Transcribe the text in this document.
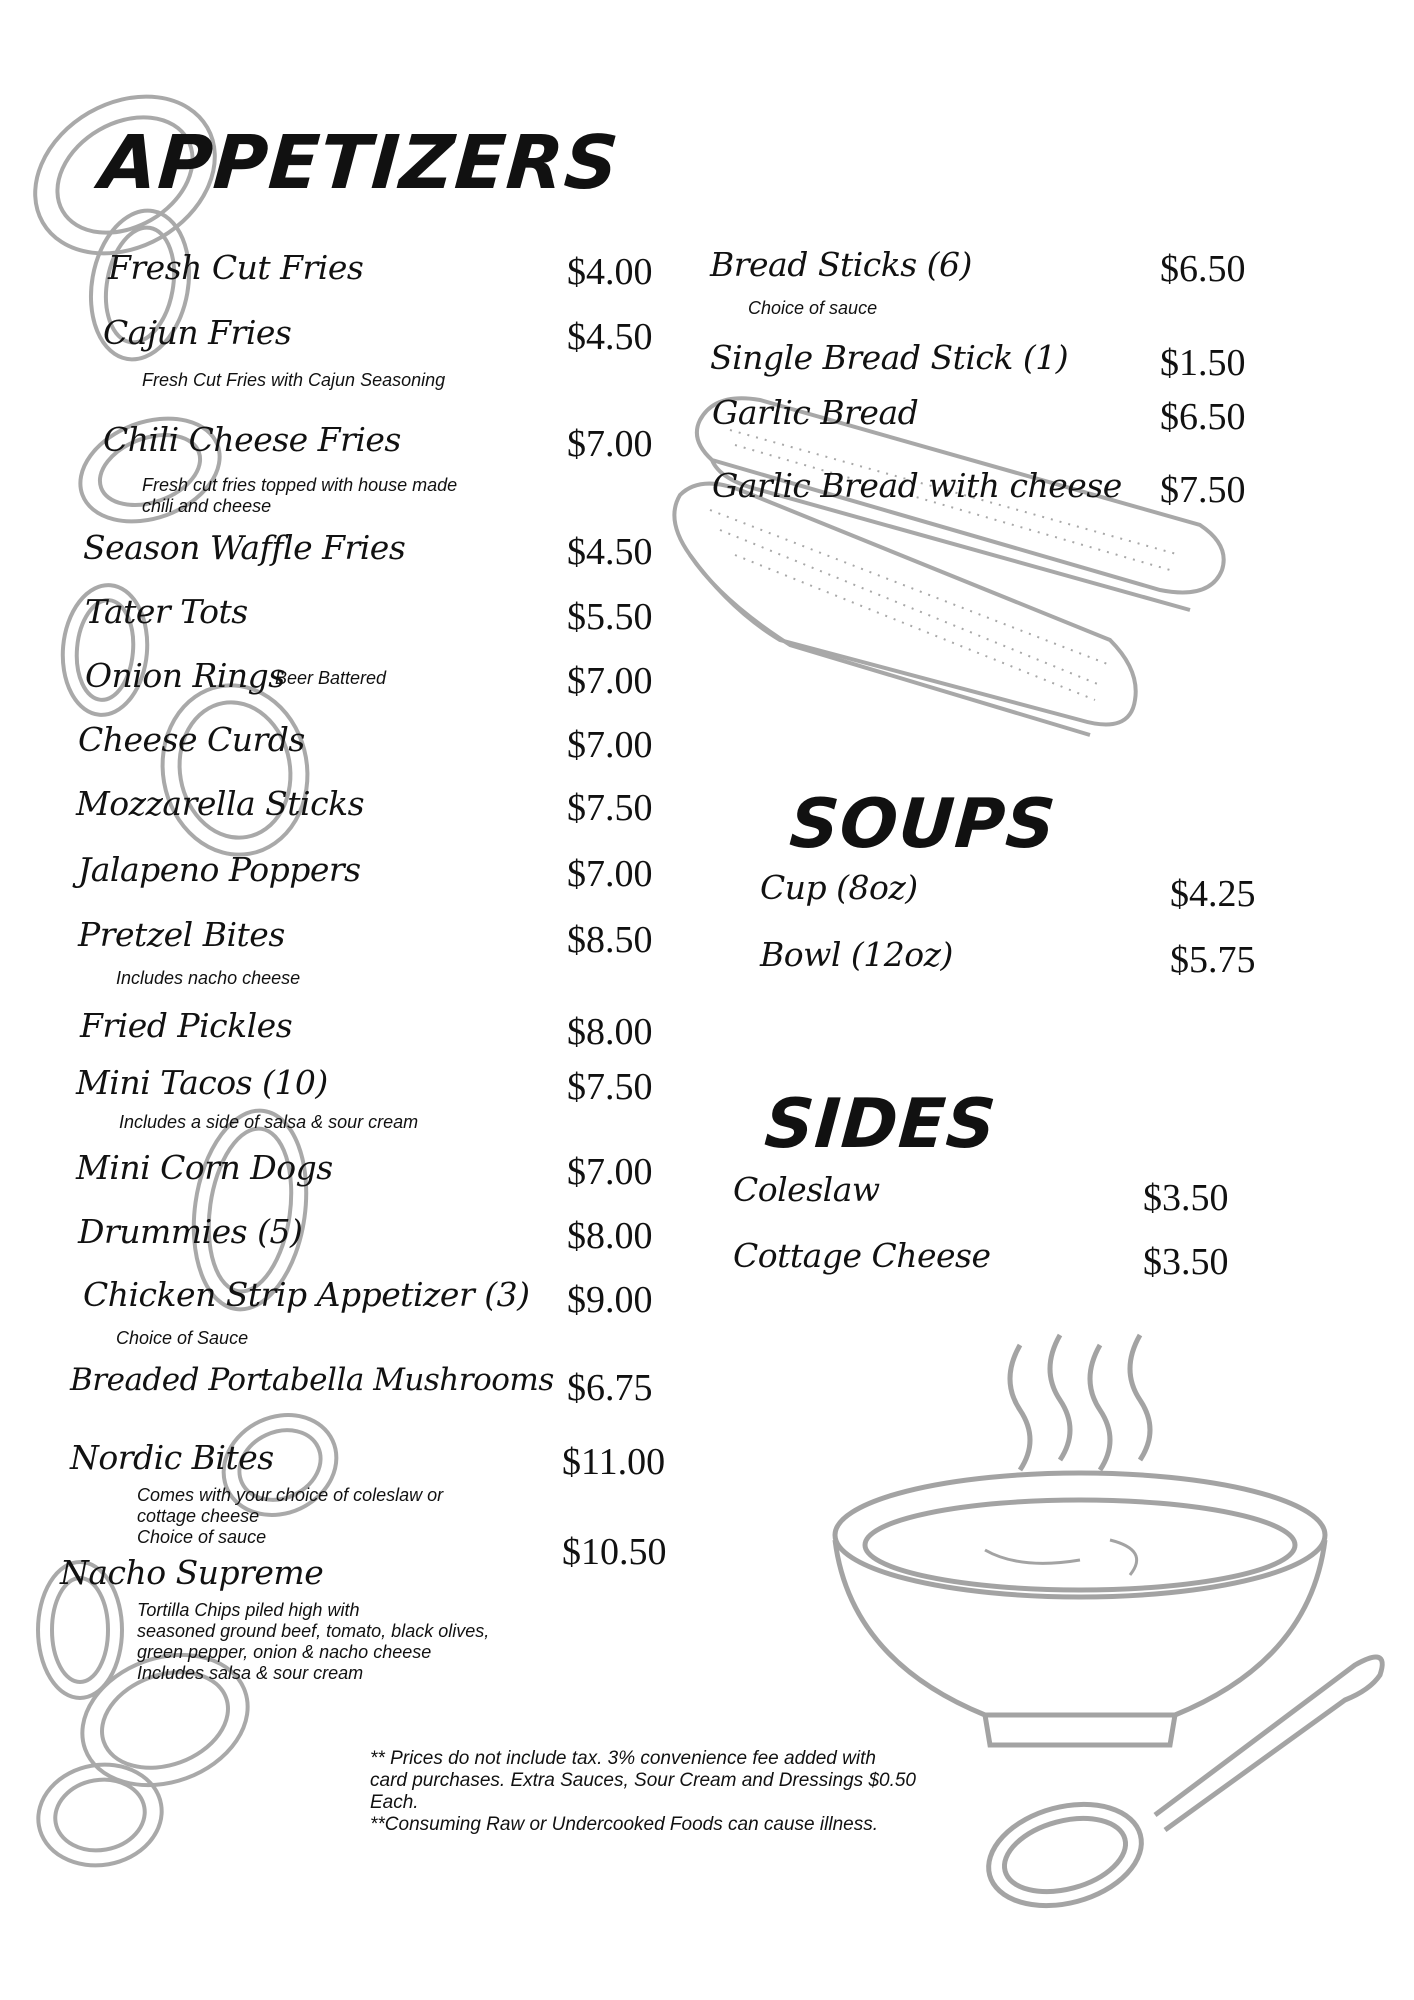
APPETIZERS
Fresh Cut Fries	$4.00
Cajun Fries	$4.50
Fresh Cut Fries with Cajun Seasoning
Chili Cheese Fries	$7.00
Fresh cut fries topped with house made
chili and cheese
Season Waffle Fries	$4.50
Tater Tots	$5.50
Onion Rings
Beer Battered	$7.00
Cheese Curds	$7.00
Mozzarella Sticks	$7.50
Jalapeno Poppers	$7.00
Pretzel Bites	$8.50
Includes nacho cheese
Fried Pickles	$8.00
Mini Tacos (10)	$7.50
Includes a side of salsa & sour cream
Mini Corn Dogs	$7.00
Drummies (5)	$8.00
Chicken Strip Appetizer (3) $9.00
Choice of Sauce
Breaded Portabella Mushrooms $6.75
Nordic Bites	$11.00
Comes with your choice of coleslaw or
cottage cheese
Choice of sauce
Nacho Supreme	$10.50
Tortilla Chips piled high with
seasoned ground beef, tomato, black olives,
green pepper, onion & nacho cheese
Includes salsa & sour cream
Bread Sticks (6)	$6.50
Choice of sauce
Single Bread Stick (1) $1.50
Garlic Bread	$6.50
Garlic Bread with cheese $7.50
SOUPS
Cup (8oz)	$4.25
Bowl (12oz)	$5.75
SIDES
Coleslaw	$3.50
Cottage Cheese	$3.50
** Prices do not include tax. 3% convenience fee added with
card purchases. Extra Sauces, Sour Cream and Dressings $0.50
Each.
**Consuming Raw or Undercooked Foods can cause illness.
